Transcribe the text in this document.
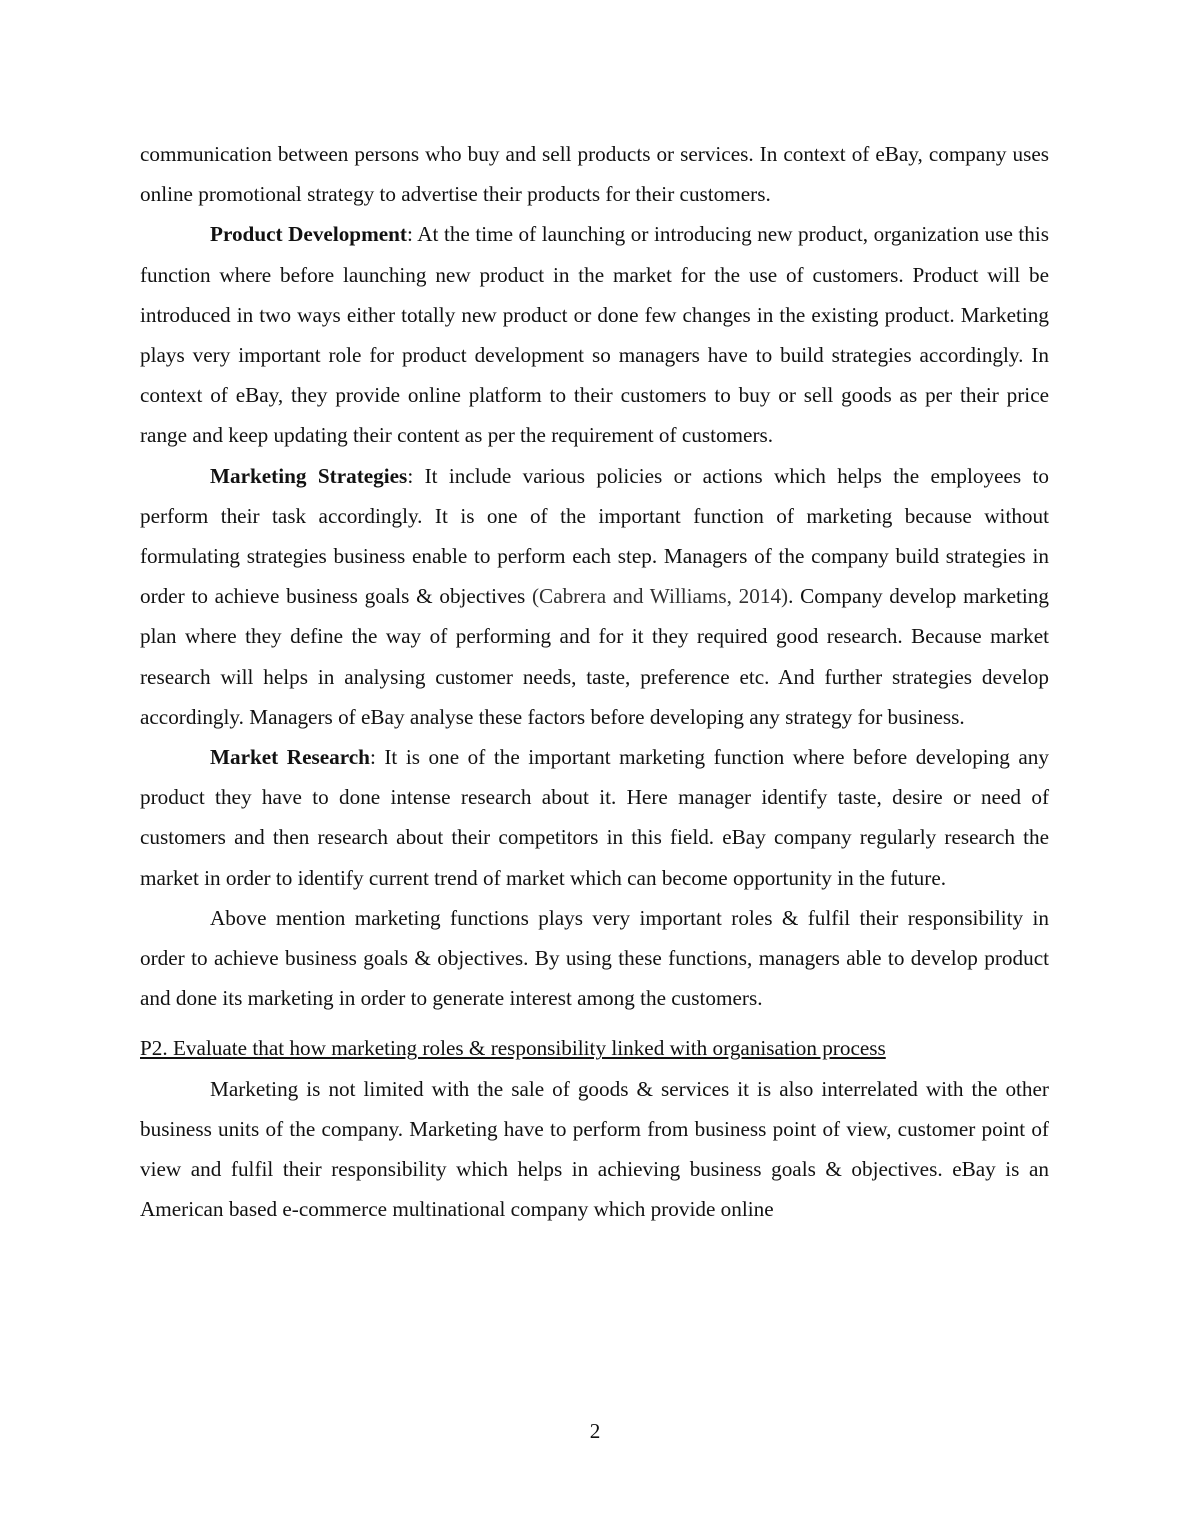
communication between persons who buy and sell products or services. In context of eBay, company uses online promotional strategy to advertise their products for their customers.

Product Development: At the time of launching or introducing new product, organization use this function where before launching new product in the market for the use of customers. Product will be introduced in two ways either totally new product or done few changes in the existing product. Marketing plays very important role for product development so managers have to build strategies accordingly. In context of eBay, they provide online platform to their customers to buy or sell goods as per their price range and keep updating their content as per the requirement of customers.

Marketing Strategies: It include various policies or actions which helps the employees to perform their task accordingly. It is one of the important function of marketing because without formulating strategies business enable to perform each step. Managers of the company build strategies in order to achieve business goals & objectives (Cabrera and Williams, 2014). Company develop marketing plan where they define the way of performing and for it they required good research. Because market research will helps in analysing customer needs, taste, preference etc. And further strategies develop accordingly. Managers of eBay analyse these factors before developing any strategy for business.

Market Research: It is one of the important marketing function where before developing any product they have to done intense research about it. Here manager identify taste, desire or need of customers and then research about their competitors in this field. eBay company regularly research the market in order to identify current trend of market which can become opportunity in the future.

Above mention marketing functions plays very important roles & fulfil their responsibility in order to achieve business goals & objectives. By using these functions, managers able to develop product and done its marketing in order to generate interest among the customers.

P2. Evaluate that how marketing roles & responsibility linked with organisation process

Marketing is not limited with the sale of goods & services it is also interrelated with the other business units of the company. Marketing have to perform from business point of view, customer point of view and fulfil their responsibility which helps in achieving business goals & objectives. eBay is an American based e-commerce multinational company which provide online

2
